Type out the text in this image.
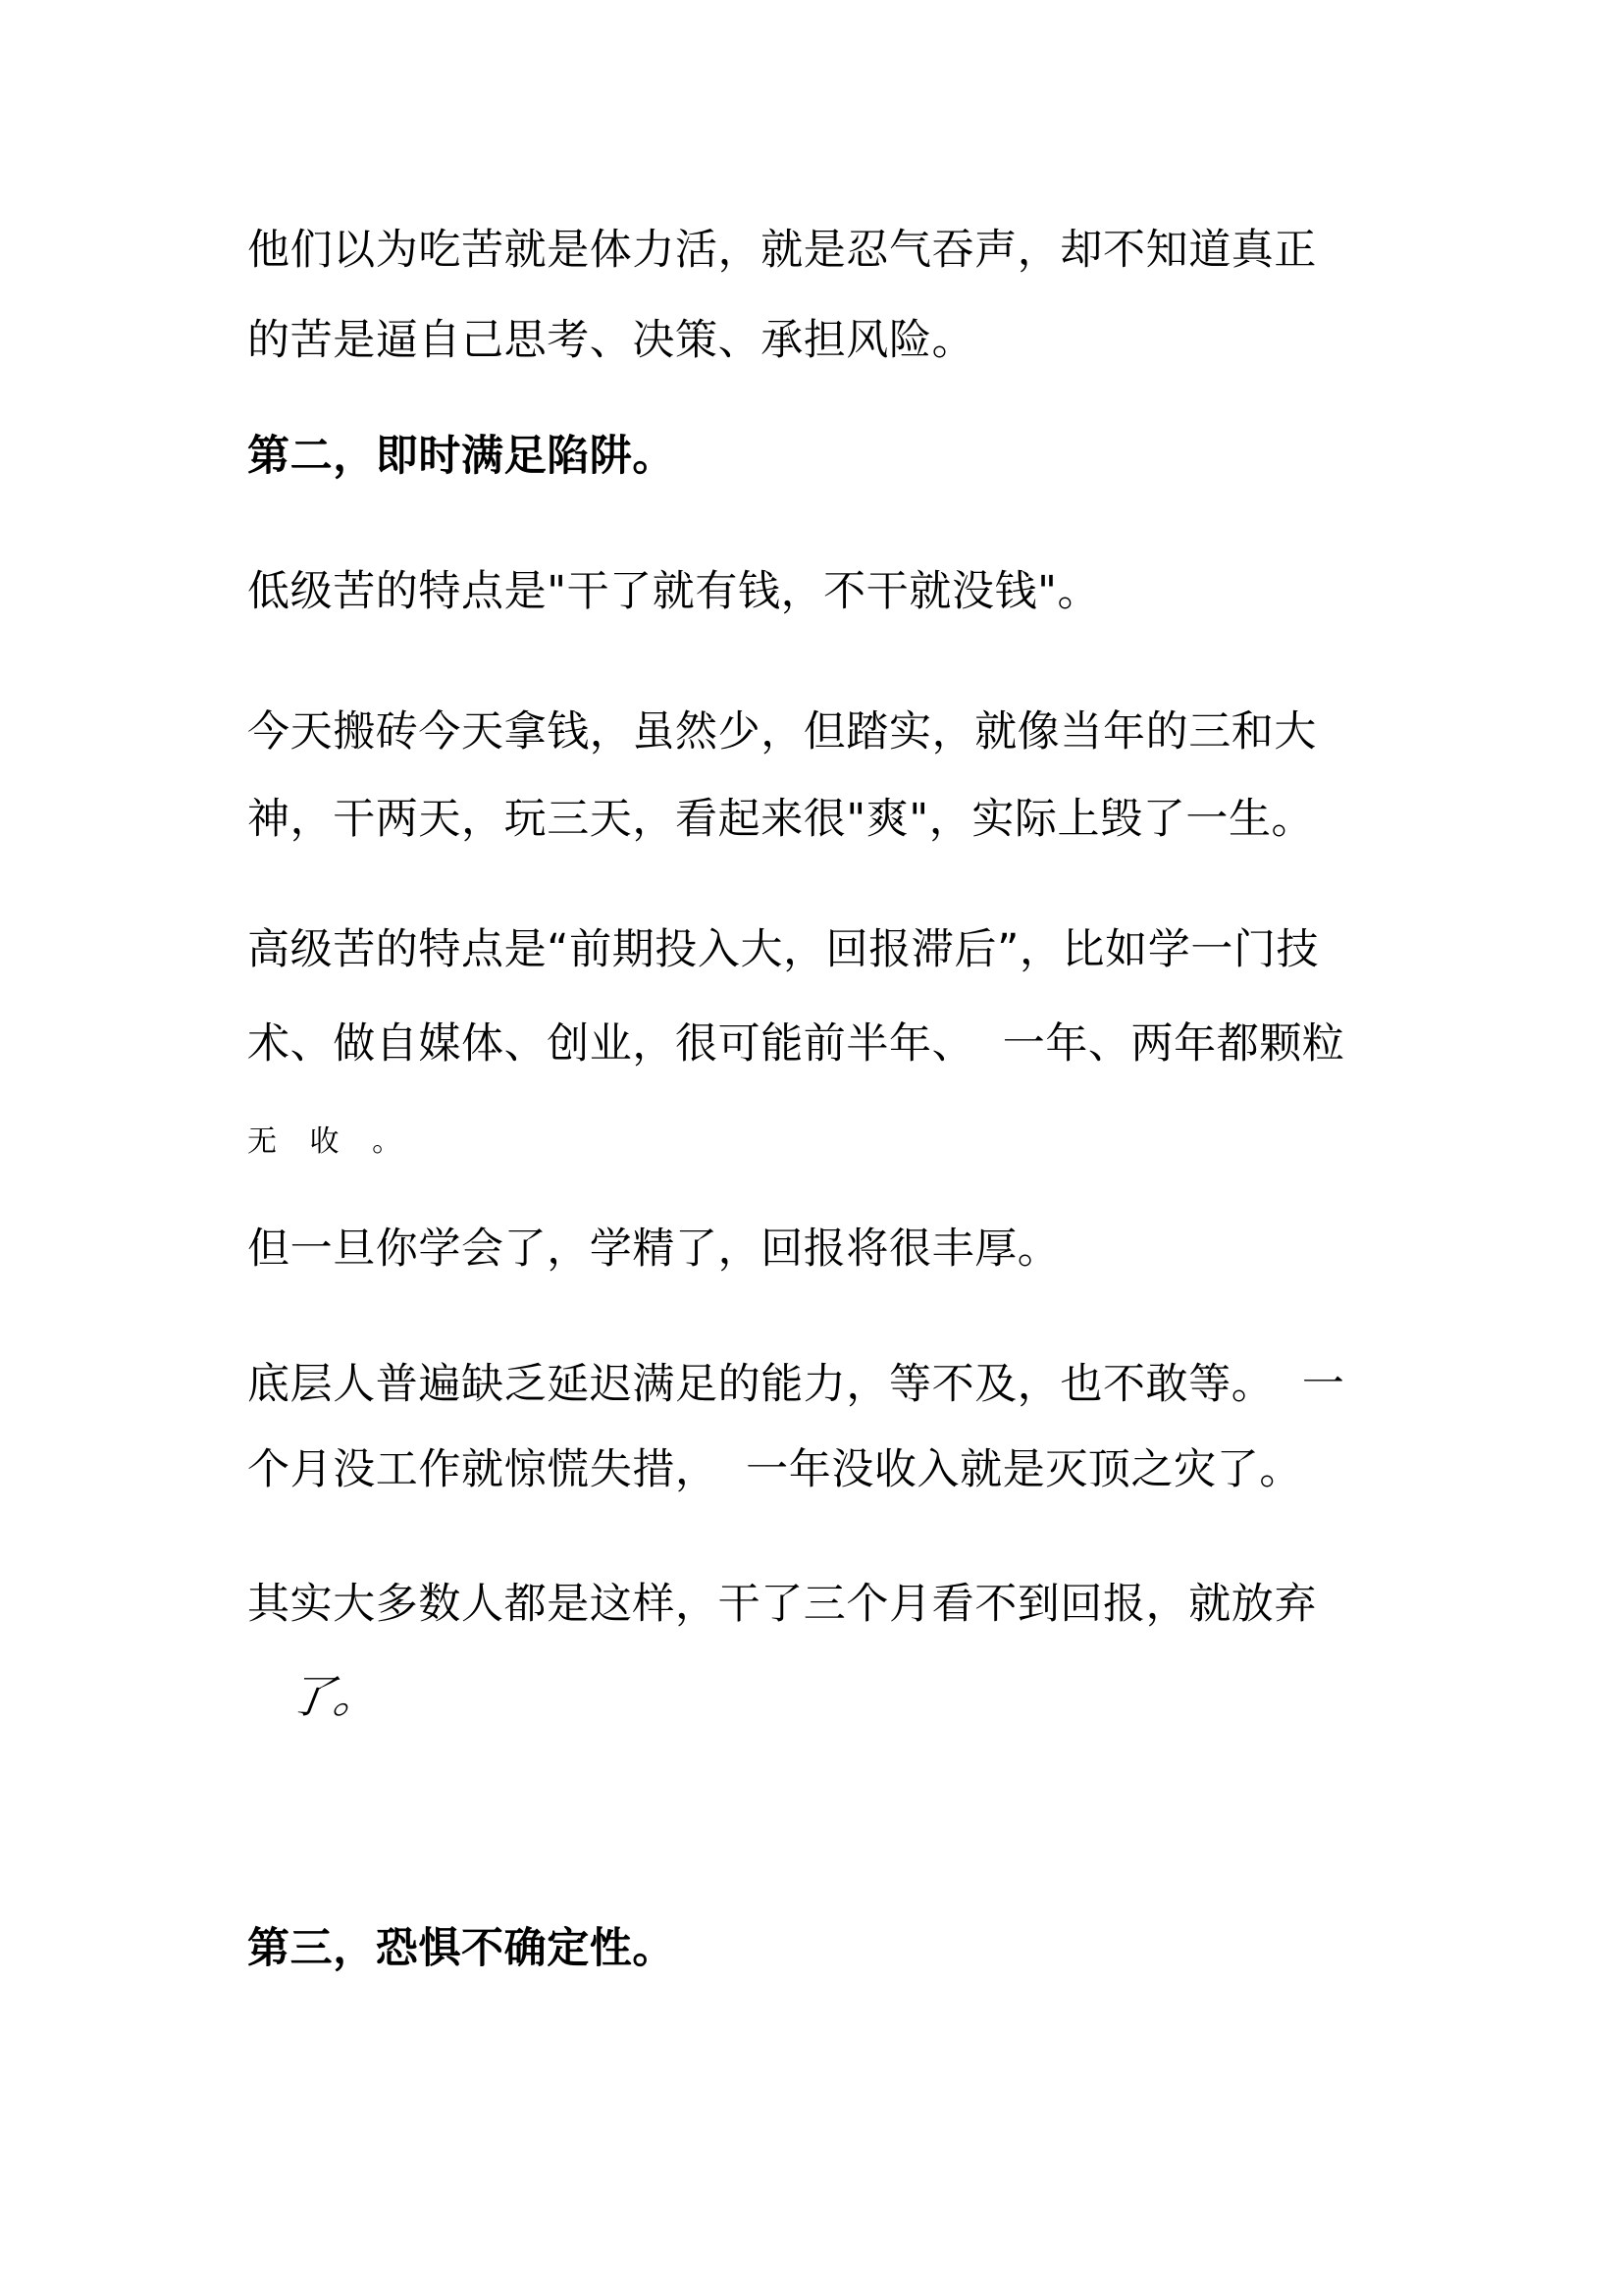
他们以为吃苦就是体力活，就是忍气吞声，却不知道真正
的苦是逼自己思考、决策、承担风险。
第二，即时满足陷阱。
低级苦的特点是"干了就有钱，不干就没钱"。
今天搬砖今天拿钱，虽然少，但踏实，就像当年的三和大
神，干两天，玩三天，看起来很"爽"，实际上毁了一生。
高级苦的特点是“前期投入大，回报滞后”，比如学一门技
术、做自媒体、创业，很可能前半年、  一年、两年都颗粒
无 收 。
但一旦你学会了，学精了，回报将很丰厚。
底层人普遍缺乏延迟满足的能力，等不及，也不敢等。  一
个月没工作就惊慌失措，  一年没收入就是灭顶之灾了。
其实大多数人都是这样，干了三个月看不到回报，就放弃
了。
第三，恐惧不确定性。
